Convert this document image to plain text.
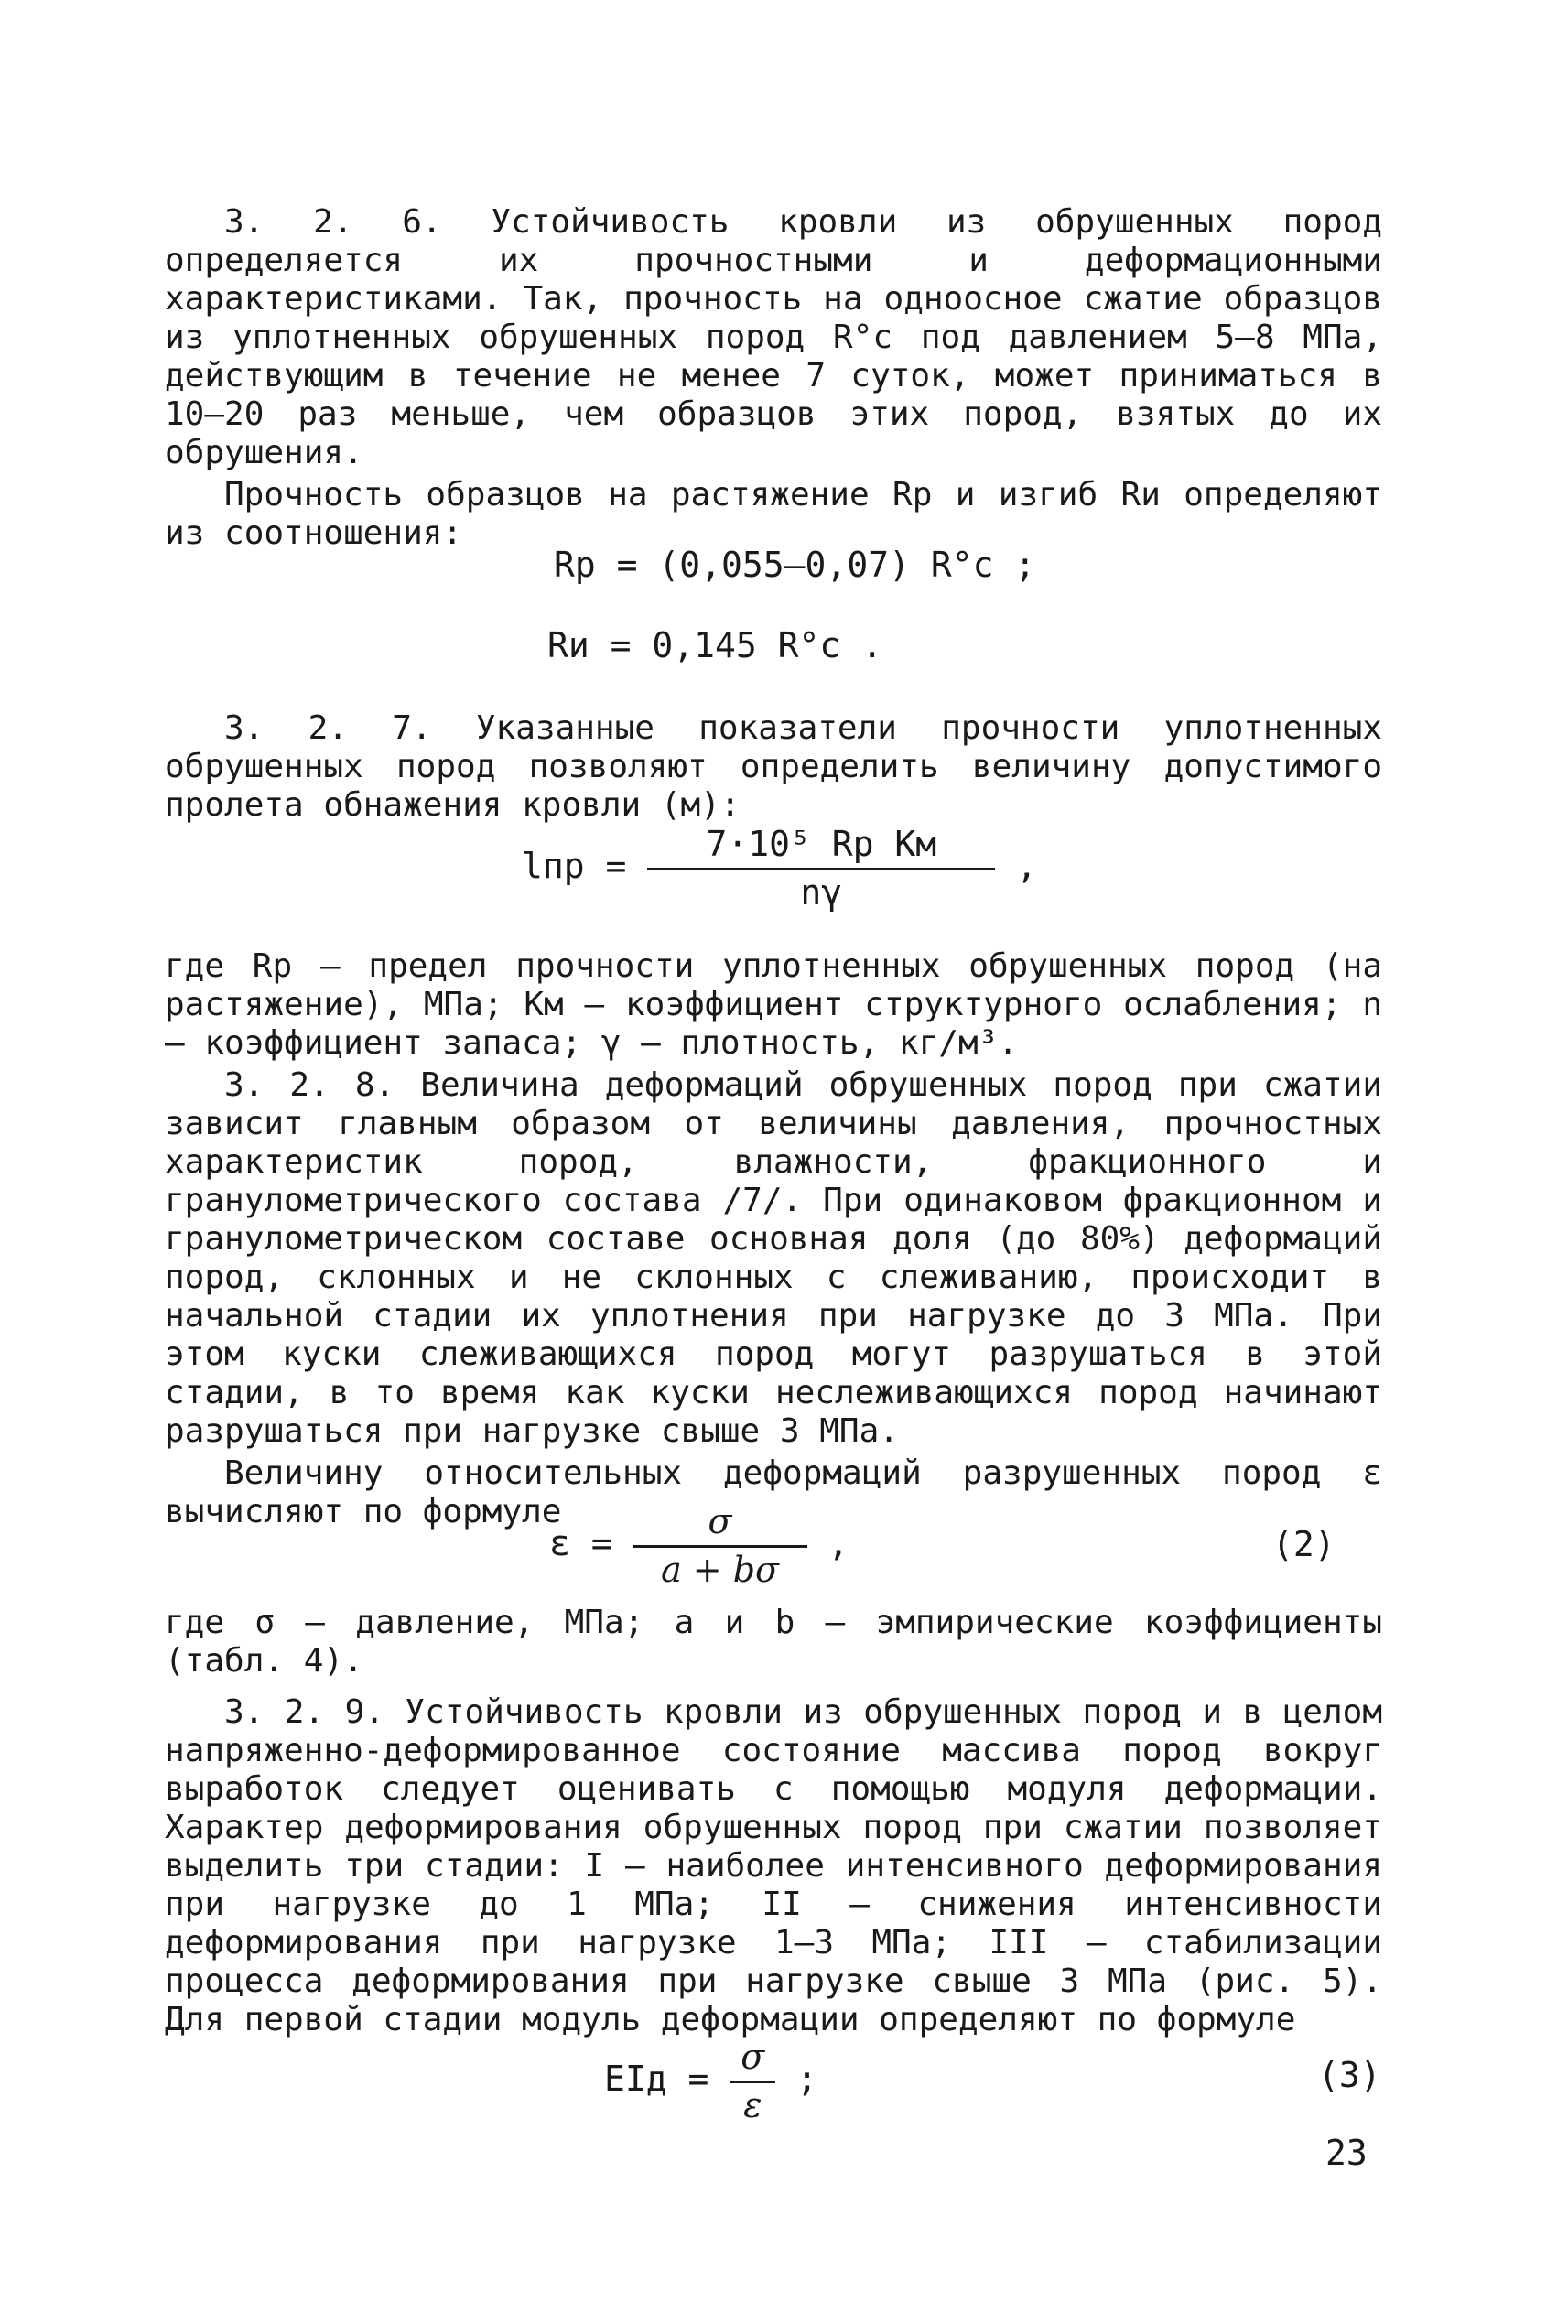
3. 2. 6. Устойчивость кровли из обрушенных пород определяется их прочностными и деформационными характеристиками. Так, прочность на одноосное сжатие образцов из уплотненных обрушенных пород R°с под давлением 5–8 МПа, действующим в течение не менее 7 суток, может приниматься в 10–20 раз меньше, чем образцов этих пород, взятых до их обрушения.

Прочность образцов на растяжение Rр и изгиб Rи определяют из соотношения:

Rр = (0,055–0,07) R°с ;
Rи = 0,145 R°с .

3. 2. 7. Указанные показатели прочности уплотненных обрушенных пород позволяют определить величину допустимого пролета обнажения кровли (м):

lпр = $\frac{\text{7·10⁵ Rр Kм}}{n\gamma}$ ,

где Rр – предел прочности уплотненных обрушенных пород (на растяжение), МПа; Kм – коэффициент структурного ослабления; n – коэффициент запаса; γ – плотность, кг/м³.

3. 2. 8. Величина деформаций обрушенных пород при сжатии зависит главным образом от величины давления, прочностных характеристик пород, влажности, фракционного и гранулометрического состава /7/. При одинаковом фракционном и гранулометрическом составе основная доля (до 80%) деформаций пород, склонных и не склонных с слеживанию, происходит в начальной стадии их уплотнения при нагрузке до 3 МПа. При этом куски слеживающихся пород могут разрушаться в этой стадии, в то время как куски неслеживающихся пород начинают разрушаться при нагрузке свыше 3 МПа.

Величину относительных деформаций разрушенных пород ε вычисляют по формуле

$\varepsilon = \frac{\sigma}{a + b\sigma}$ ,	(2)

где σ – давление, МПа; a и b – эмпирические коэффициенты (табл. 4).

3. 2. 9. Устойчивость кровли из обрушенных пород и в целом напряженно-деформированное состояние массива пород вокруг выработок следует оценивать с помощью модуля деформации. Характер деформирования обрушенных пород при сжатии позволяет выделить три стадии: I – наиболее интенсивного деформирования при нагрузке до 1 МПа; II – снижения интенсивности деформирования при нагрузке 1–3 МПа; III – стабилизации процесса деформирования при нагрузке свыше 3 МПа (рис. 5). Для первой стадии модуль деформации определяют по формуле

EIд = $\frac{\sigma}{\varepsilon}$ ;	(3)
23
